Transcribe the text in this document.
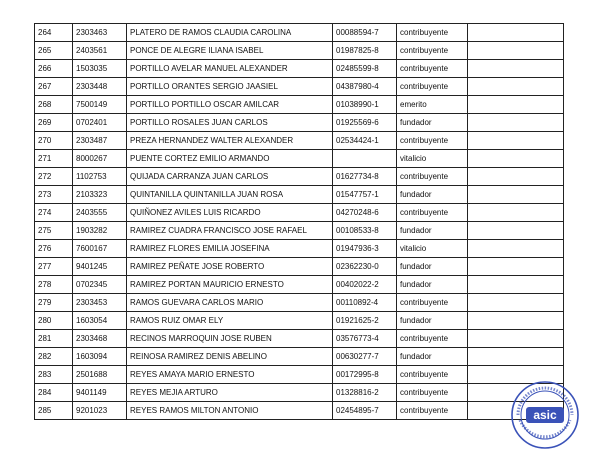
264	2303463	PLATERO DE RAMOS CLAUDIA CAROLINA	00088594-7	contribuyente	
265	2403561	PONCE DE ALEGRE ILIANA ISABEL	01987825-8	contribuyente	
266	1503035	PORTILLO AVELAR MANUEL ALEXANDER	02485599-8	contribuyente	
267	2303448	PORTILLO ORANTES SERGIO JAASIEL	04387980-4	contribuyente	
268	7500149	PORTILLO PORTILLO OSCAR AMILCAR	01038990-1	emerito	
269	0702401	PORTILLO ROSALES JUAN CARLOS	01925569-6	fundador	
270	2303487	PREZA HERNANDEZ WALTER ALEXANDER	02534424-1	contribuyente	
271	8000267	PUENTE CORTEZ EMILIO ARMANDO		vitalicio	
272	1102753	QUIJADA CARRANZA JUAN CARLOS	01627734-8	contribuyente	
273	2103323	QUINTANILLA QUINTANILLA JUAN ROSA	01547757-1	fundador	
274	2403555	QUIÑONEZ AVILES LUIS RICARDO	04270248-6	contribuyente	
275	1903282	RAMIREZ CUADRA FRANCISCO JOSE RAFAEL	00108533-8	fundador	
276	7600167	RAMIREZ FLORES EMILIA JOSEFINA	01947936-3	vitalicio	
277	9401245	RAMIREZ PEÑATE JOSE ROBERTO	02362230-0	fundador	
278	0702345	RAMIREZ PORTAN MAURICIO ERNESTO	00402022-2	fundador	
279	2303453	RAMOS GUEVARA CARLOS MARIO	00110892-4	contribuyente	
280	1603054	RAMOS RUIZ OMAR ELY	01921625-2	fundador	
281	2303468	RECINOS MARROQUIN JOSE RUBEN	03576773-4	contribuyente	
282	1603094	REINOSA RAMIREZ DENIS ABELINO	00630277-7	fundador	
283	2501688	REYES AMAYA MARIO ERNESTO	00172995-8	contribuyente	
284	9401149	REYES MEJIA ARTURO	01328816-2	contribuyente	
285	9201023	REYES RAMOS MILTON ANTONIO	02454895-7	contribuyente		asic
